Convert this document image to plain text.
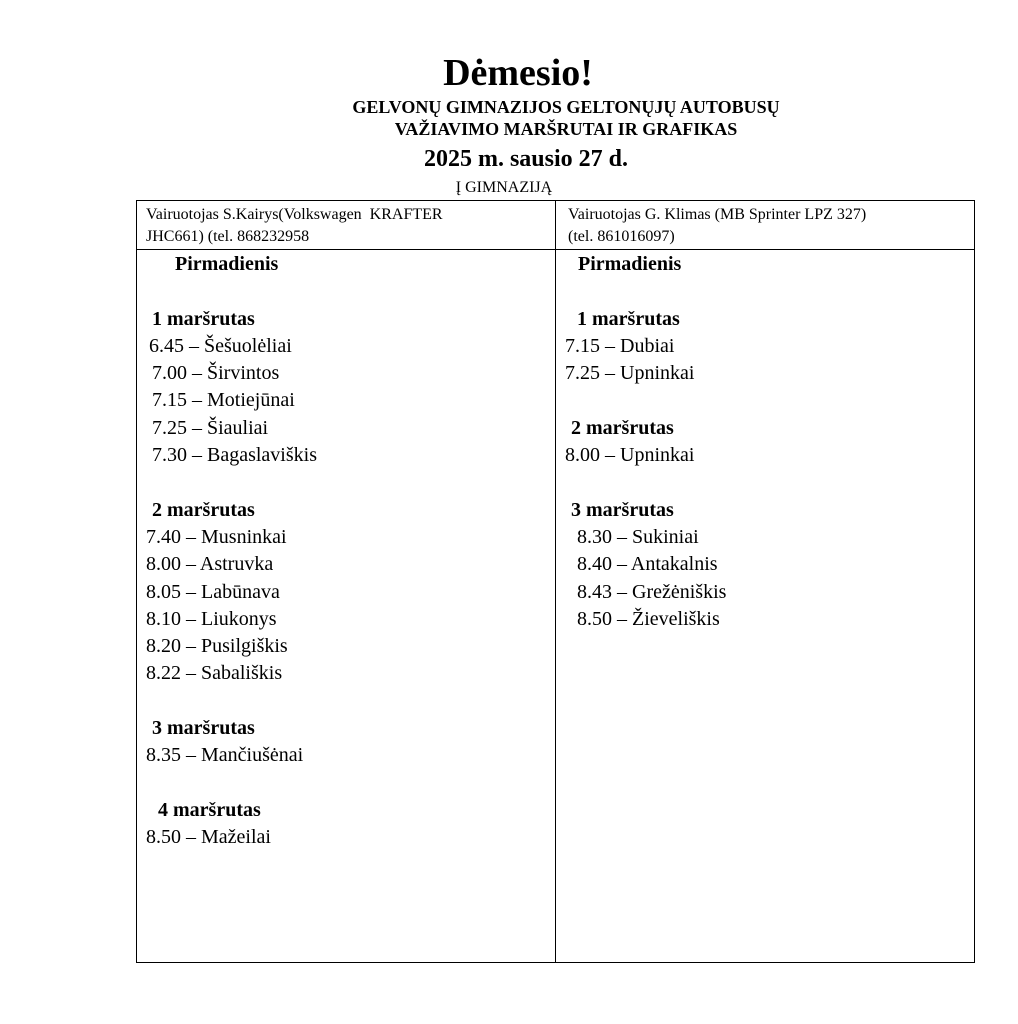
Dėmesio!
GELVONŲ GIMNAZIJOS GELTONŲJŲ AUTOBUSŲ
VAŽIAVIMO MARŠRUTAI IR GRAFIKAS
2025 m. sausio 27 d.
Į GIMNAZIJĄ
Vairuotojas S.Kairys(Volkswagen  KRAFTER
JHC661) (tel. 868232958
Vairuotojas G. Klimas (MB Sprinter LPZ 327)
(tel. 861016097)
Pirmadienis
1 maršrutas
6.45 – Šešuolėliai
7.00 – Širvintos
7.15 – Motiejūnai
7.25 – Šiauliai
7.30 – Bagaslaviškis
2 maršrutas
7.40 – Musninkai
8.00 – Astruvka
8.05 – Labūnava
8.10 – Liukonys
8.20 – Pusilgiškis
8.22 – Sabališkis
3 maršrutas
8.35 – Mančiušėnai
4 maršrutas
8.50 – Mažeilai
Pirmadienis
1 maršrutas
7.15 – Dubiai
7.25 – Upninkai
2 maršrutas
8.00 – Upninkai
3 maršrutas
8.30 – Sukiniai
8.40 – Antakalnis
8.43 – Grežėniškis
8.50 – Žieveliškis
